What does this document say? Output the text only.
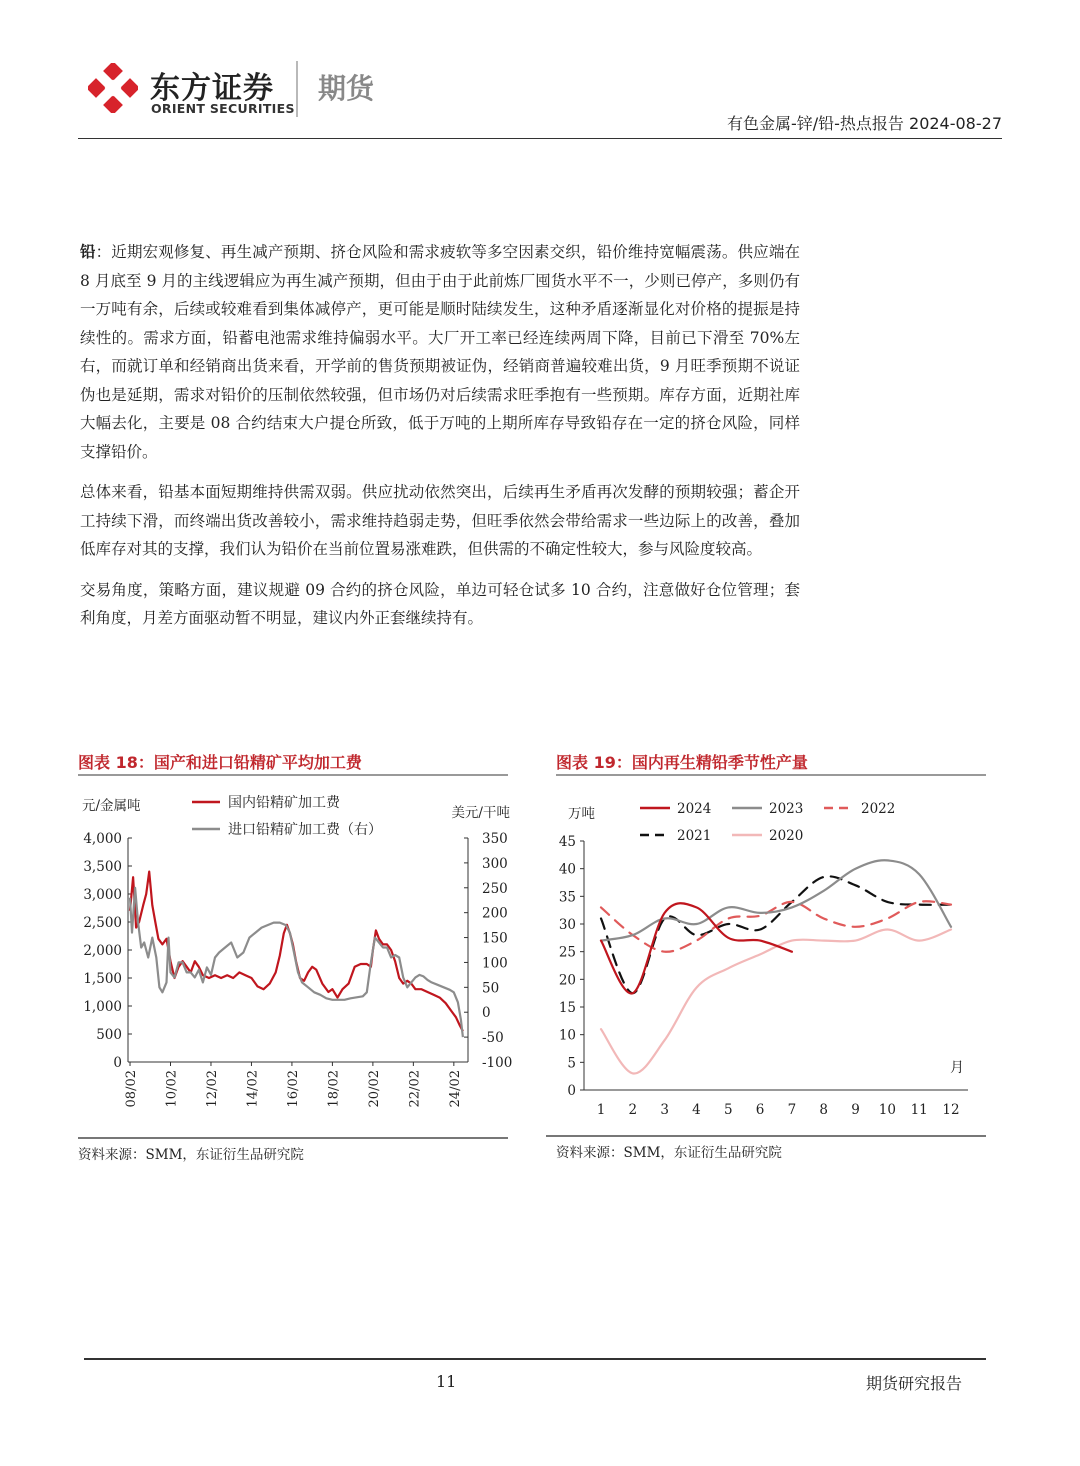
东方证券
ORIENT SECURITIES
期货
有色金属-锌/铅-热点报告 2024-08-27

铅：近期宏观修复、再生减产预期、挤仓风险和需求疲软等多空因素交织，铅价维持宽幅震荡。供应端在 8 月底至 9 月的主线逻辑应为再生减产预期，但由于由于此前炼厂囤货水平不一，少则已停产，多则仍有一万吨有余，后续或较难看到集体减停产，更可能是顺时陆续发生，这种矛盾逐渐显化对价格的提振是持续性的。需求方面，铅蓄电池需求维持偏弱水平。大厂开工率已经连续两周下降，目前已下滑至 70%左右，而就订单和经销商出货来看，开学前的售货预期被证伪，经销商普遍较难出货，9 月旺季预期不说证伪也是延期，需求对铅价的压制依然较强，但市场仍对后续需求旺季抱有一些预期。库存方面，近期社库大幅去化，主要是 08 合约结束大户提仓所致，低于万吨的上期所库存导致铅存在一定的挤仓风险，同样支撑铅价。

总体来看，铅基本面短期维持供需双弱。供应扰动依然突出，后续再生矛盾再次发酵的预期较强；蓄企开工持续下滑，而终端出货改善较小，需求维持趋弱走势，但旺季依然会带给需求一些边际上的改善，叠加低库存对其的支撑，我们认为铅价在当前位置易涨难跌，但供需的不确定性较大，参与风险度较高。

交易角度，策略方面，建议规避 09 合约的挤仓风险，单边可轻仓试多 10 合约，注意做好仓位管理；套利角度，月差方面驱动暂不明显，建议内外正套继续持有。

图表 18：国产和进口铅精矿平均加工费
元/金属吨	美元/干吨
4,000
3,500
3,000
2,500
2,000
1,500
1,000
500
0
350
300
250
200
150
100
50
0
-50
-100
08/02 10/02 12/02 14/02 16/02 18/02 20/02 22/02 24/02
国内铅精矿加工费
进口铅精矿加工费（右）
资料来源：SMM，东证衍生品研究院
图表 19：国内再生精铅季节性产量
万吨
月
0
5
10
15
20
25
30
35
40
45
1 2 3 4 5 6 7 8 9 10 11 12
2024	2023	2022
2021	2020
资料来源：SMM，东证衍生品研究院
11	期货研究报告
